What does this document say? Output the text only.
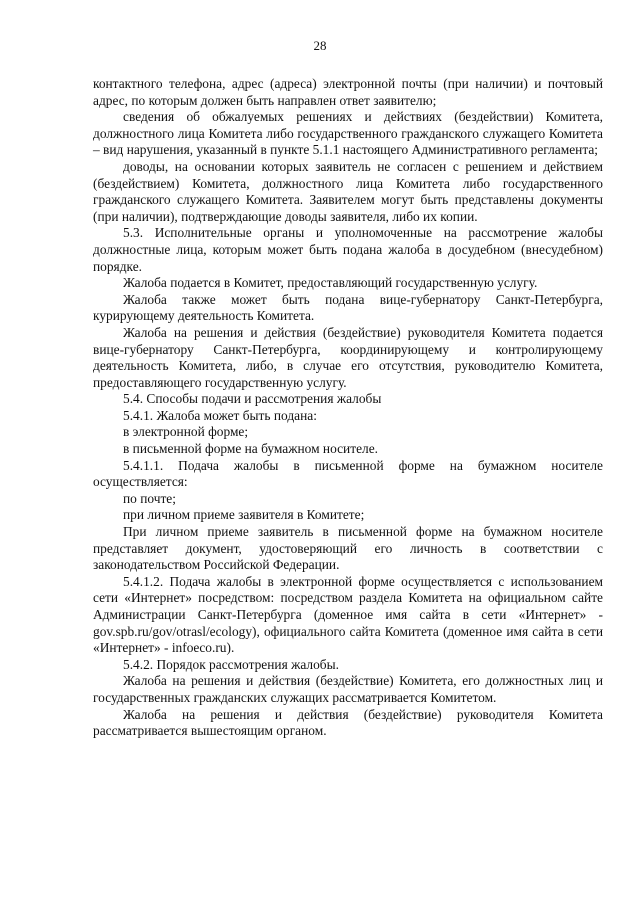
28

контактного телефона, адрес (адреса) электронной почты (при наличии) и почтовый адрес, по которым должен быть направлен ответ заявителю;

сведения об обжалуемых решениях и действиях (бездействии) Комитета, должностного лица Комитета либо государственного гражданского служащего Комитета – вид нарушения, указанный в пункте 5.1.1 настоящего Административного регламента;

доводы, на основании которых заявитель не согласен с решением и действием (бездействием) Комитета, должностного лица Комитета либо государственного гражданского служащего Комитета. Заявителем могут быть представлены документы (при наличии), подтверждающие доводы заявителя, либо их копии.

5.3. Исполнительные органы и уполномоченные на рассмотрение жалобы должностные лица, которым может быть подана жалоба в досудебном (внесудебном) порядке.

Жалоба подается в Комитет, предоставляющий государственную услугу.

Жалоба также может быть подана вице-губернатору Санкт-Петербурга, курирующему деятельность Комитета.

Жалоба на решения и действия (бездействие) руководителя Комитета подается вице-губернатору Санкт-Петербурга, координирующему и контролирующему деятельность Комитета, либо, в случае его отсутствия, руководителю Комитета, предоставляющего государственную услугу.

5.4. Способы подачи и рассмотрения жалобы

5.4.1. Жалоба может быть подана:

в электронной форме;

в письменной форме на бумажном носителе.

5.4.1.1. Подача жалобы в письменной форме на бумажном носителе осуществляется:

по почте;

при личном приеме заявителя в Комитете;

При личном приеме заявитель в письменной форме на бумажном носителе представляет документ, удостоверяющий его личность в соответствии с законодательством Российской Федерации.

5.4.1.2. Подача жалобы в электронной форме осуществляется с использованием сети «Интернет» посредством: посредством раздела Комитета на официальном сайте Администрации Санкт-Петербурга (доменное имя сайта в сети «Интернет» - gov.spb.ru/gov/otrasl/ecology), официального сайта Комитета (доменное имя сайта в сети «Интернет» - infoeco.ru).

5.4.2. Порядок рассмотрения жалобы.

Жалоба на решения и действия (бездействие) Комитета, его должностных лиц и государственных гражданских служащих рассматривается Комитетом.

Жалоба на решения и действия (бездействие) руководителя Комитета рассматривается вышестоящим органом.
